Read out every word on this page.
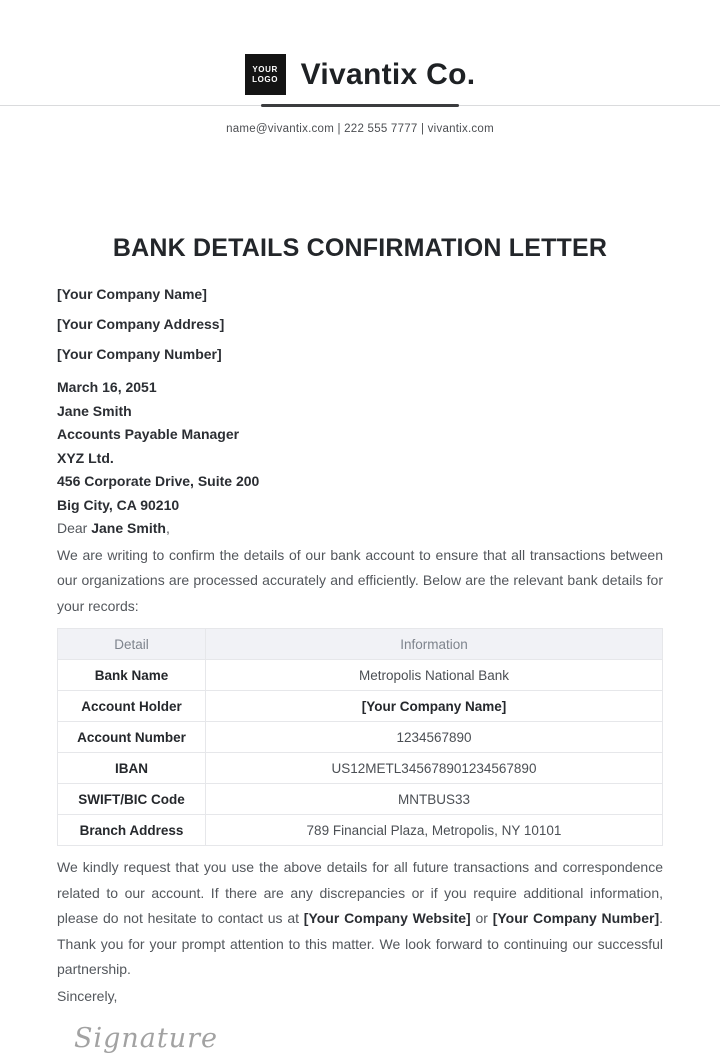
YOUR
LOGO Vivantix Co.
name@vivantix.com | 222 555 7777 | vivantix.com
BANK DETAILS CONFIRMATION LETTER
[Your Company Name]
[Your Company Address]
[Your Company Number]
March 16, 2051
Jane Smith
Accounts Payable Manager
XYZ Ltd.
456 Corporate Drive, Suite 200
Big City, CA 90210
Dear Jane Smith,
We are writing to confirm the details of our bank account to ensure that all transactions between our organizations are processed accurately and efficiently. Below are the relevant bank details for your records:
Detail	Information
Bank Name	Metropolis National Bank
Account Holder	[Your Company Name]
Account Number	1234567890
IBAN	US12METL345678901234567890
SWIFT/BIC Code	MNTBUS33
Branch Address	789 Financial Plaza, Metropolis, NY 10101
We kindly request that you use the above details for all future transactions and correspondence related to our account. If there are any discrepancies or if you require additional information, please do not hesitate to contact us at [Your Company Website] or [Your Company Number]. Thank you for your prompt attention to this matter. We look forward to continuing our successful partnership.
Sincerely,
Signature
